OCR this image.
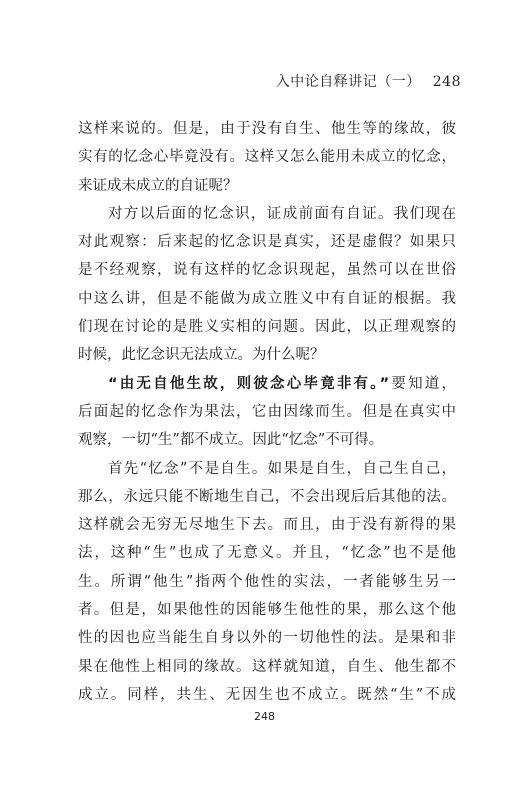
入中论自释讲记（一） 248
这样来说的。但是，由于没有自生、他生等的缘故，彼
实有的忆念心毕竟没有。这样又怎么能用未成立的忆念，
来证成未成立的自证呢？
对方以后面的忆念识，证成前面有自证。我们现在
对此观察：后来起的忆念识是真实，还是虚假？如果只
是不经观察，说有这样的忆念识现起，虽然可以在世俗
中这么讲，但是不能做为成立胜义中有自证的根据。我
们现在讨论的是胜义实相的问题。因此，以正理观察的
时候，此忆念识无法成立。为什么呢？
“由无自他生故，则彼念心毕竟非有。”要知道，
后面起的忆念作为果法，它由因缘而生。但是在真实中
观察，一切“生”都不成立。因此“忆念”不可得。
首先“忆念”不是自生。如果是自生，自己生自己，
那么，永远只能不断地生自己，不会出现后后其他的法。
这样就会无穷无尽地生下去。而且，由于没有新得的果
法，这种“生”也成了无意义。并且，“忆念”也不是他
生。所谓“他生”指两个他性的实法，一者能够生另一
者。但是，如果他性的因能够生他性的果，那么这个他
性的因也应当能生自身以外的一切他性的法。是果和非
果在他性上相同的缘故。这样就知道，自生、他生都不
成立。同样，共生、无因生也不成立。既然“生”不成
248
